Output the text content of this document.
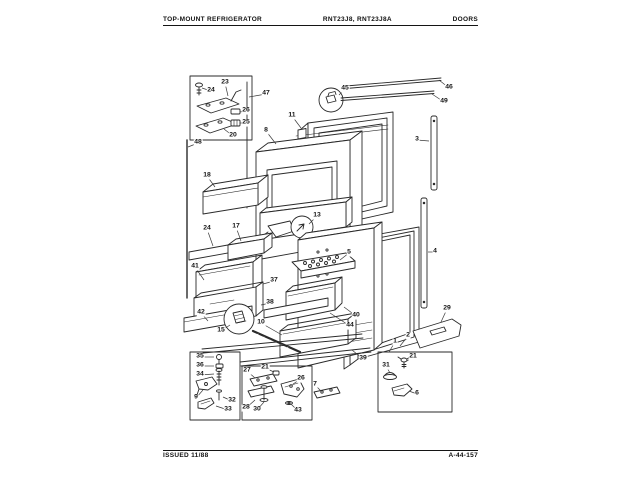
TOP-MOUNT REFRIGERATOR	RNT23J8, RNT23J8A	DOORS
23
24
26
25
20
47
45	46
49
3
11
8
48
18
24	17
41
37
38
42
10
15
13
5
40
44
39
4
29
2
1
35
36
34
9	32
33
27 21
26
28 30	43
7
21
31
6
ISSUED 11/88	A-44-157
